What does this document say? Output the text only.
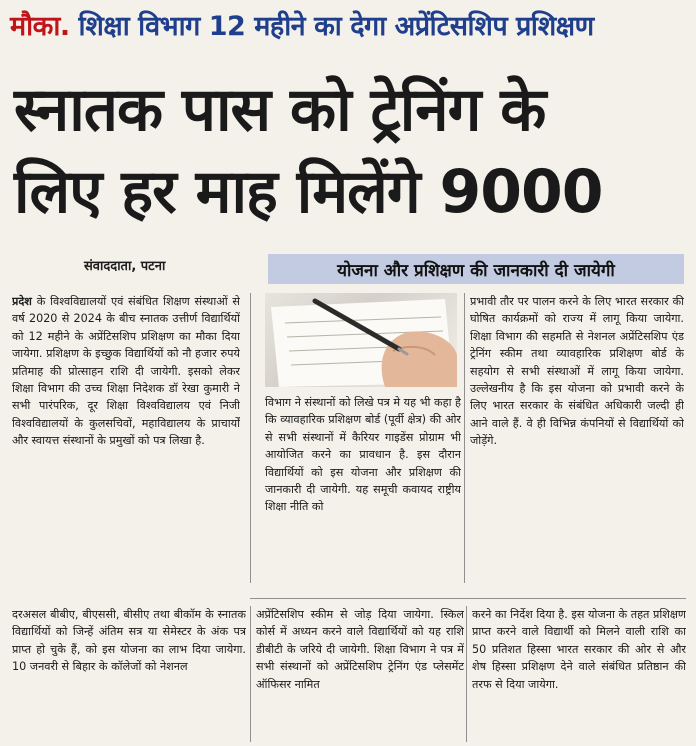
मौका. शिक्षा विभाग 12 महीने का देगा अप्रेंटिसशिप प्रशिक्षण
स्नातक पास को ट्रेनिंग के
लिए हर माह मिलेंगे 9000
संवाददाता, पटना	योजना और प्रशिक्षण की जानकारी दी जायेगी

प्रदेश के विश्वविद्यालयों एवं संबंधित शिक्षण संस्थाओं से वर्ष 2020 से 2024 के बीच स्नातक उत्तीर्ण विद्यार्थियों को 12 महीने के अप्रेंटिसशिप प्रशिक्षण का मौका दिया जायेगा. प्रशिक्षण के इच्छुक विद्यार्थियों को नौ हजार रुपये प्रतिमाह की प्रोत्साहन राशि दी जायेगी. इसको लेकर शिक्षा विभाग की उच्च शिक्षा निदेशक डॉ रेखा कुमारी ने सभी पारंपरिक, दूर शिक्षा विश्वविद्यालय एवं निजी विश्वविद्यालयों के कुलसचिवों, महाविद्यालय के प्राचार्यों और स्वायत्त संस्थानों के प्रमुखों को पत्र लिखा है.

विभाग ने संस्थानों को लिखे पत्र मे यह भी कहा है कि व्यावहारिक प्रशिक्षण बोर्ड (पूर्वी क्षेत्र) की ओर से सभी संस्थानों में कैरियर गाइडेंस प्रोग्राम भी आयोजित करने का प्रावधान है. इस दौरान विद्यार्थियों को इस योजना और प्रशिक्षण की जानकारी दी जायेगी. यह समूची कवायद राष्ट्रीय शिक्षा नीति को

प्रभावी तौर पर पालन करने के लिए भारत सरकार की घोषित कार्यक्रमों को राज्य में लागू किया जायेगा. शिक्षा विभाग की सहमति से नेशनल अप्रेंटिसशिप एंड ट्रेनिंग स्कीम तथा व्यावहारिक प्रशिक्षण बोर्ड के सहयोग से सभी संस्थाओं में लागू किया जायेगा. उल्लेखनीय है कि इस योजना को प्रभावी करने के लिए भारत सरकार के संबंधित अधिकारी जल्दी ही आने वाले हैं. वे ही विभिन्न कंपनियों से विद्यार्थियों को जोड़ेंगे.

दरअसल बीबीए, बीएससी, बीसीए तथा बीकॉम के स्नातक विद्यार्थियों को जिन्हें अंतिम सत्र या सेमेस्टर के अंक पत्र प्राप्त हो चुके हैं, को इस योजना का लाभ दिया जायेगा. 10 जनवरी से बिहार के कॉलेजों को नेशनल

अप्रेंटिसशिप स्कीम से जोड़ दिया जायेगा. स्किल कोर्स में अध्यन करने वाले विद्यार्थियों को यह राशि डीबीटी के जरिये दी जायेगी. शिक्षा विभाग ने पत्र में सभी संस्थानों को अप्रेंटिसशिप ट्रेनिंग एंड प्लेसमेंट ऑफिसर नामित

करने का निर्देश दिया है. इस योजना के तहत प्रशिक्षण प्राप्त करने वाले विद्यार्थी को मिलने वाली राशि का 50 प्रतिशत हिस्सा भारत सरकार की ओर से और शेष हिस्सा प्रशिक्षण देने वाले संबंधित प्रतिष्ठान की तरफ से दिया जायेगा.
